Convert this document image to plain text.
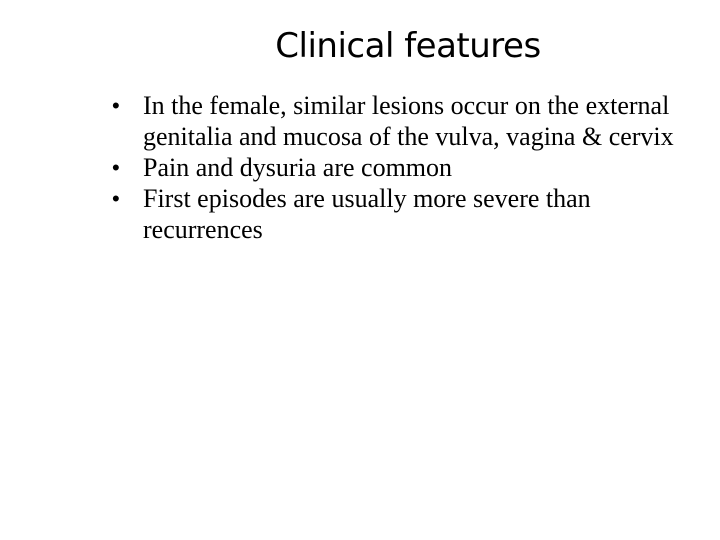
Clinical features
• In the female, similar lesions occur on the external genitalia and mucosa of the vulva, vagina & cervix
• Pain and dysuria are common
• First episodes are usually more severe than recurrences
